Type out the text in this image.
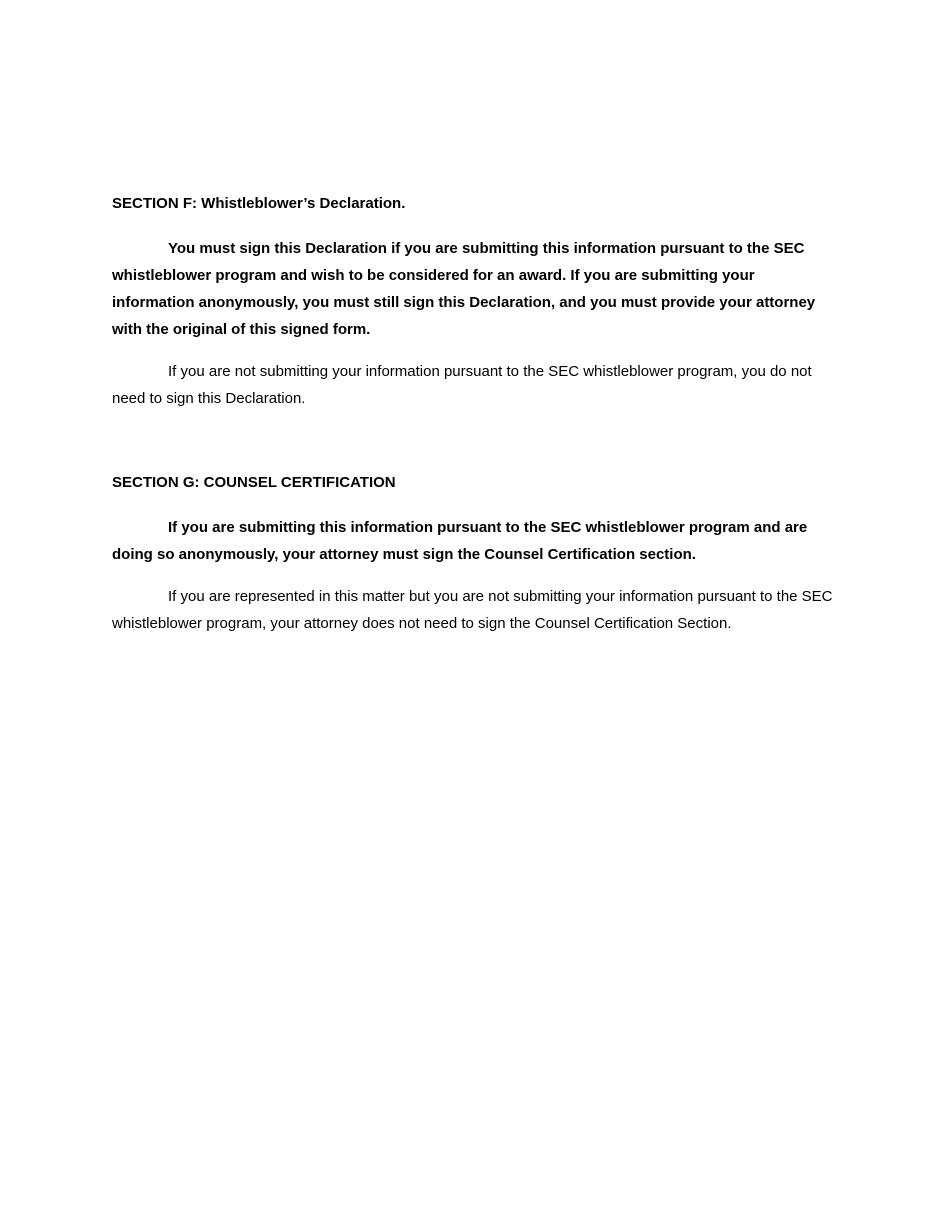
SECTION F: Whistleblower’s Declaration.

You must sign this Declaration if you are submitting this information pursuant to the SEC whistleblower program and wish to be considered for an award. If you are submitting your information anonymously, you must still sign this Declaration, and you must provide your attorney with the original of this signed form.

If you are not submitting your information pursuant to the SEC whistleblower program, you do not need to sign this Declaration.

SECTION G: COUNSEL CERTIFICATION

If you are submitting this information pursuant to the SEC whistleblower program and are doing so anonymously, your attorney must sign the Counsel Certification section.

If you are represented in this matter but you are not submitting your information pursuant to the SEC whistleblower program, your attorney does not need to sign the Counsel Certification Section.
